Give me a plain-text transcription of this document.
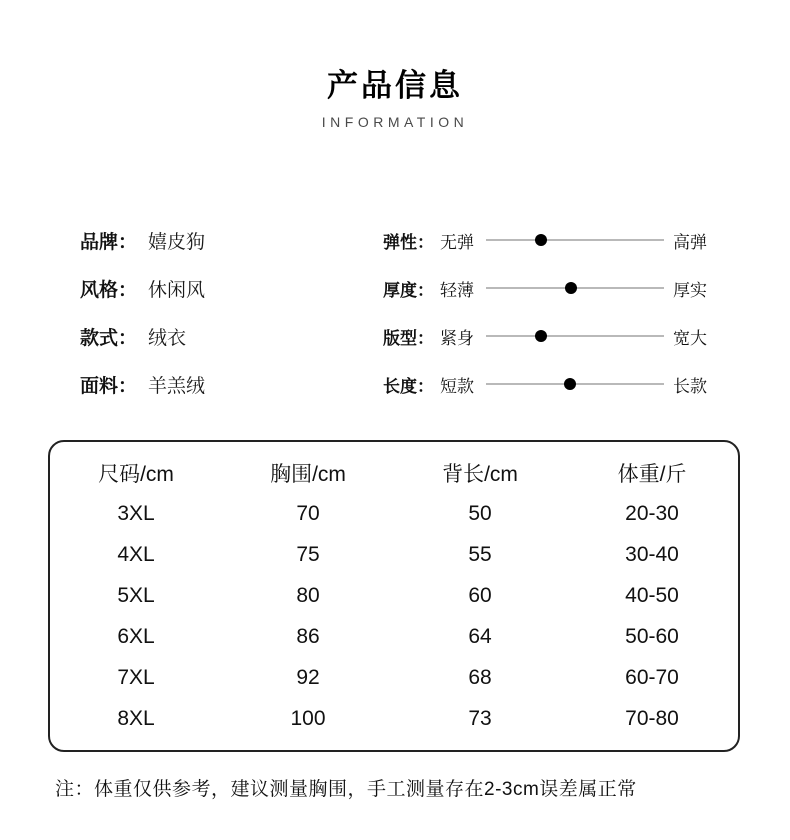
产品信息
INFORMATION
品牌： 嬉皮狗
风格： 休闲风
款式： 绒衣
面料： 羊羔绒
弹性： 无弹	高弹
厚度： 轻薄	厚实
版型： 紧身	宽大
长度： 短款	长款
尺码/cm	胸围/cm	背长/cm	体重/斤
3XL	70	50	20-30
4XL	75	55	30-40
5XL	80	60	40-50
6XL	86	64	50-60
7XL	92	68	60-70
8XL	100	73	70-80
注：体重仅供参考，建议测量胸围，手工测量存在2-3cm误差属正常
